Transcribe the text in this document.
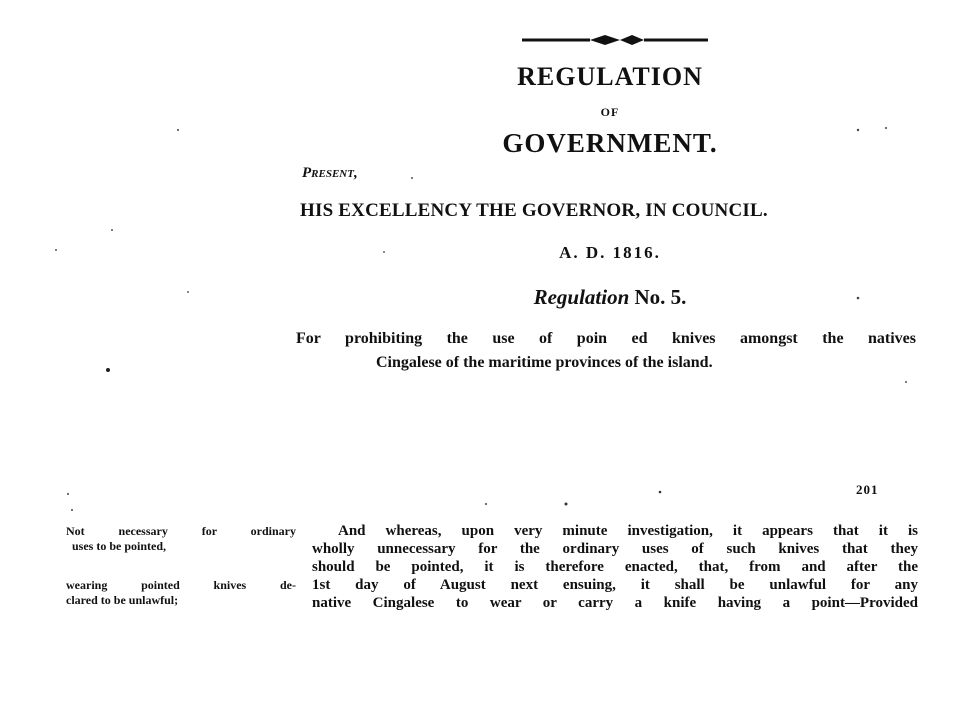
REGULATION
OF
GOVERNMENT.
Present,
HIS EXCELLENCY THE GOVERNOR, IN COUNCIL.
A. D. 1816.
Regulation No. 5.
For prohibiting the use of poin ed knives amongst the natives
Cingalese of the maritime provinces of the island.
201
Not necessary for ordinary
uses to be pointed,
wearing pointed knives de-
clared to be unlawful;
And whereas, upon very minute investigation, it appears that it is
wholly unnecessary for the ordinary uses of such knives that they
should be pointed, it is therefore enacted, that, from and after the
1st day of August next ensuing, it shall be unlawful for any
native Cingalese to wear or carry a knife having a point—Provided
